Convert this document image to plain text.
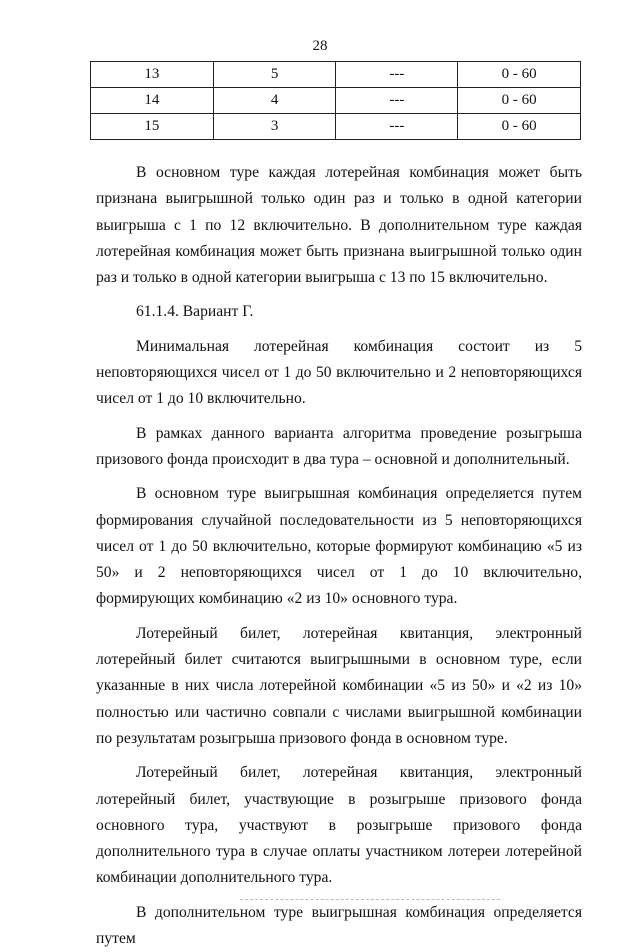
28
13	5	---	0 - 60
14	4	---	0 - 60
15	3	---	0 - 60

В основном туре каждая лотерейная комбинация может быть признана выигрышной только один раз и только в одной категории выигрыша с 1 по 12 включительно. В дополнительном туре каждая лотерейная комбинация может быть признана выигрышной только один раз и только в одной категории выигрыша с 13 по 15 включительно.

61.1.4. Вариант Г.

Минимальная лотерейная комбинация состоит из 5 неповторяющихся чисел от 1 до 50 включительно и 2 неповторяющихся чисел от 1 до 10 включительно.

В рамках данного варианта алгоритма проведение розыгрыша призового фонда происходит в два тура – основной и дополнительный.

В основном туре выигрышная комбинация определяется путем формирования случайной последовательности из 5 неповторяющихся чисел от 1 до 50 включительно, которые формируют комбинацию «5 из 50» и 2 неповторяющихся чисел от 1 до 10 включительно, формирующих комбинацию «2 из 10» основного тура.

Лотерейный билет, лотерейная квитанция, электронный лотерейный билет считаются выигрышными в основном туре, если указанные в них числа лотерейной комбинации «5 из 50» и «2 из 10» полностью или частично совпали с числами выигрышной комбинации по результатам розыгрыша призового фонда в основном туре.

Лотерейный билет, лотерейная квитанция, электронный лотерейный билет, участвующие в розыгрыше призового фонда основного тура, участвуют в розыгрыше призового фонда дополнительного тура в случае оплаты участником лотереи лотерейной комбинации дополнительного тура.

В дополнительном туре выигрышная комбинация определяется путем
